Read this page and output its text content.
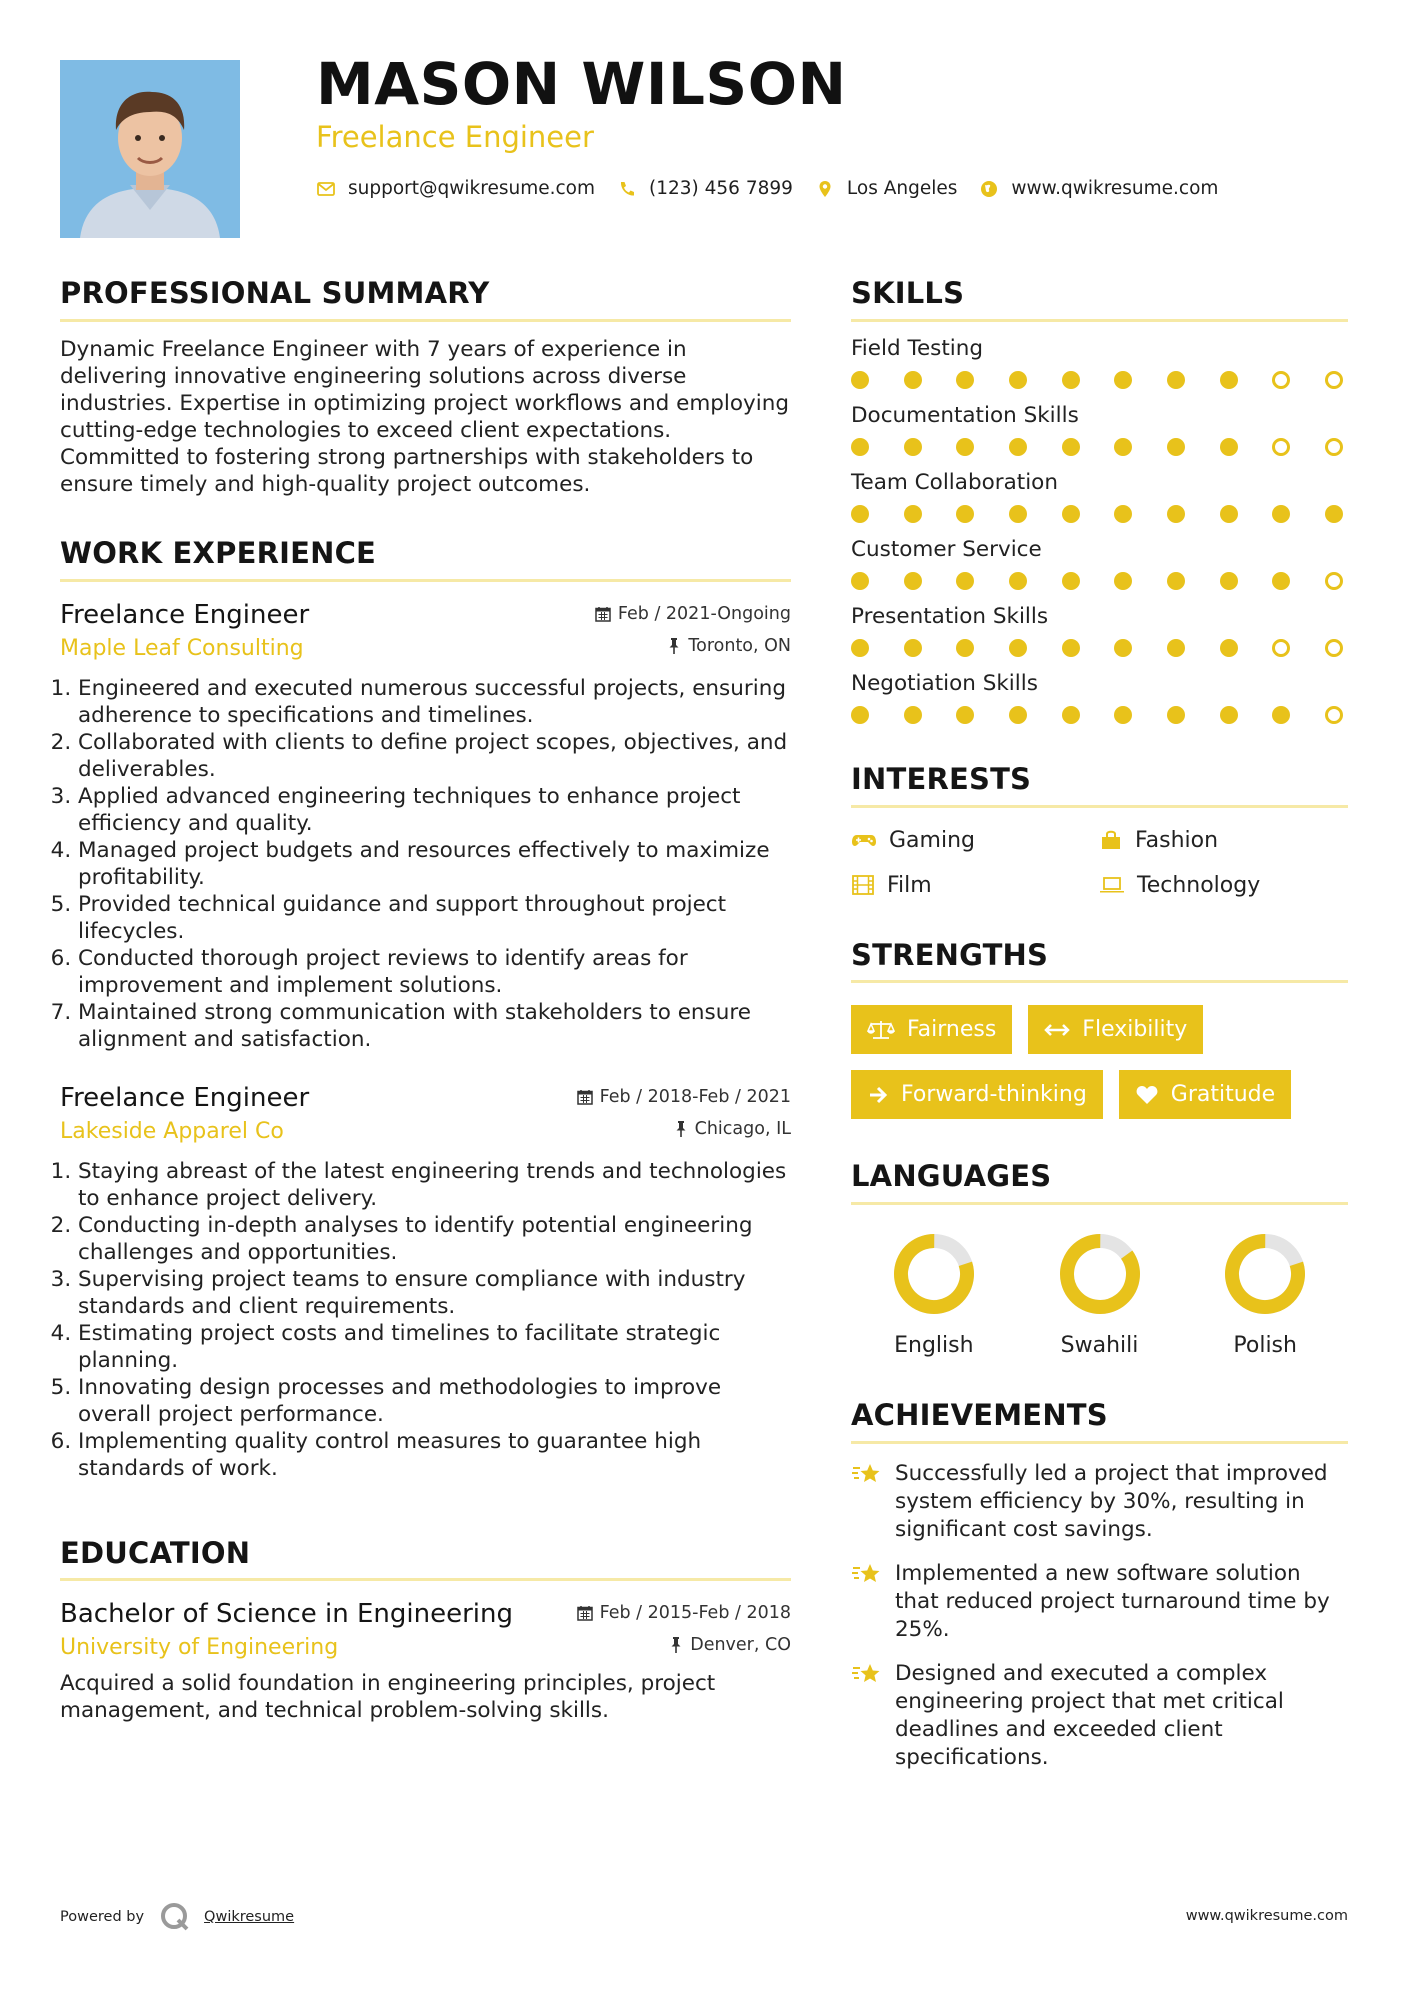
MASON WILSON
Freelance Engineer
support@qwikresume.com	(123) 456 7899	Los Angeles	www.qwikresume.com
PROFESSIONAL SUMMARY

Dynamic Freelance Engineer with 7 years of experience in delivering innovative engineering solutions across diverse industries. Expertise in optimizing project workflows and employing cutting-edge technologies to exceed client expectations. Committed to fostering strong partnerships with stakeholders to ensure timely and high-quality project outcomes.

WORK EXPERIENCE
Freelance Engineer	Feb / 2021-Ongoing
Maple Leaf Consulting	Toronto, ON
1. Engineered and executed numerous successful projects, ensuring adherence to specifications and timelines.
2. Collaborated with clients to define project scopes, objectives, and deliverables.
3. Applied advanced engineering techniques to enhance project efficiency and quality.
4. Managed project budgets and resources effectively to maximize profitability.
5. Provided technical guidance and support throughout project lifecycles.
6. Conducted thorough project reviews to identify areas for improvement and implement solutions.
7. Maintained strong communication with stakeholders to ensure alignment and satisfaction.
Freelance Engineer	Feb / 2018-Feb / 2021
Lakeside Apparel Co	Chicago, IL
1. Staying abreast of the latest engineering trends and technologies to enhance project delivery.
2. Conducting in-depth analyses to identify potential engineering challenges and opportunities.
3. Supervising project teams to ensure compliance with industry standards and client requirements.
4. Estimating project costs and timelines to facilitate strategic planning.
5. Innovating design processes and methodologies to improve overall project performance.
6. Implementing quality control measures to guarantee high standards of work.
EDUCATION
Bachelor of Science in Engineering	Feb / 2015-Feb / 2018
University of Engineering	Denver, CO

Acquired a solid foundation in engineering principles, project management, and technical problem-solving skills.

SKILLS
Field Testing
Documentation Skills
Team Collaboration
Customer Service
Presentation Skills
Negotiation Skills
INTERESTS
Gaming	Fashion
Film	Technology
STRENGTHS
Fairness	Flexibility
Forward-thinking	Gratitude
LANGUAGES
English	Swahili	Polish
ACHIEVEMENTS
Successfully led a project that improved system efficiency by 30%, resulting in significant cost savings.
Implemented a new software solution that reduced project turnaround time by 25%.
Designed and executed a complex engineering project that met critical deadlines and exceeded client specifications.
Powered by	Qwikresume	www.qwikresume.com
